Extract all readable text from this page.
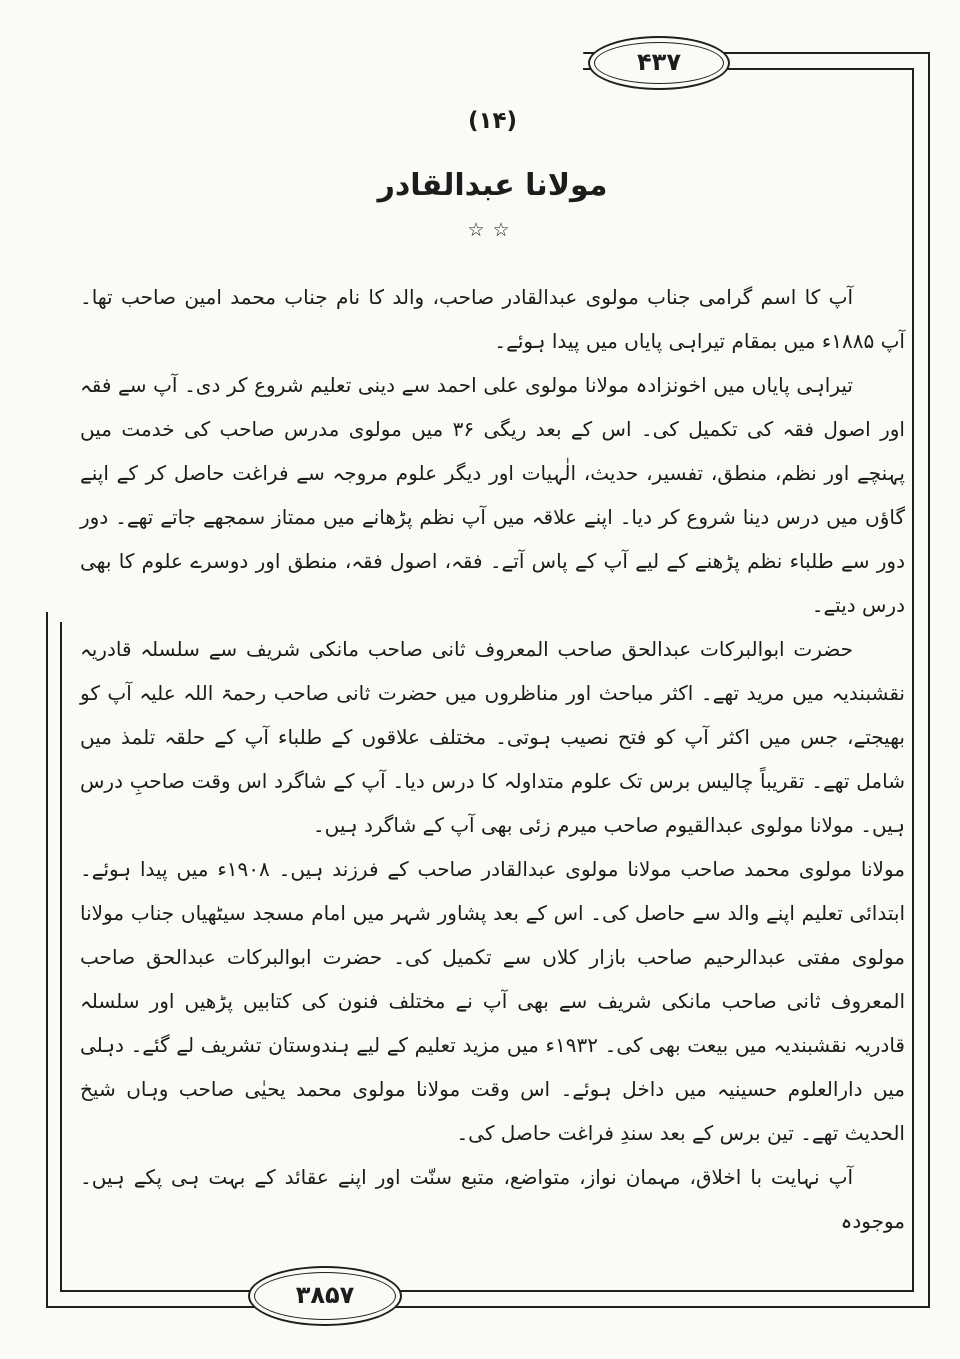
۴۳۷
(۱۴)
مولانا عبدالقادر
☆☆

آپ کا اسم گرامی جناب مولوی عبدالقادر صاحب، والد کا نام جناب محمد امین صاحب تھا۔ آپ ۱۸۸۵ء میں بمقام تیراہی پایاں میں پیدا ہوئے۔

تیراہی پایاں میں اخونزادہ مولانا مولوی علی احمد سے دینی تعلیم شروع کر دی۔ آپ سے فقہ اور اصول فقہ کی تکمیل کی۔ اس کے بعد ریگی ۳۶ میں مولوی مدرس صاحب کی خدمت میں پہنچے اور نظم، منطق، تفسیر، حدیث، الٰہیات اور دیگر علوم مروجہ سے فراغت حاصل کر کے اپنے گاؤں میں درس دینا شروع کر دیا۔ اپنے علاقہ میں آپ نظم پڑھانے میں ممتاز سمجھے جاتے تھے۔ دور دور سے طلباء نظم پڑھنے کے لیے آپ کے پاس آتے۔ فقہ، اصول فقہ، منطق اور دوسرے علوم کا بھی درس دیتے۔

حضرت ابوالبرکات عبدالحق صاحب المعروف ثانی صاحب مانکی شریف سے سلسلہ قادریہ نقشبندیہ میں مرید تھے۔ اکثر مباحث اور مناظروں میں حضرت ثانی صاحب رحمۃ اللہ علیہ آپ کو بھیجتے، جس میں اکثر آپ کو فتح نصیب ہوتی۔ مختلف علاقوں کے طلباء آپ کے حلقہ تلمذ میں شامل تھے۔ تقریباً چالیس برس تک علوم متداولہ کا درس دیا۔ آپ کے شاگرد اس وقت صاحبِ درس ہیں۔ مولانا مولوی عبدالقیوم صاحب میرم زئی بھی آپ کے شاگرد ہیں۔

مولانا مولوی محمد صاحب مولانا مولوی عبدالقادر صاحب کے فرزند ہیں۔ ۱۹۰۸ء میں پیدا ہوئے۔ ابتدائی تعلیم اپنے والد سے حاصل کی۔ اس کے بعد پشاور شہر میں امام مسجد سیٹھیاں جناب مولانا مولوی مفتی عبدالرحیم صاحب بازار کلاں سے تکمیل کی۔ حضرت ابوالبرکات عبدالحق صاحب المعروف ثانی صاحب مانکی شریف سے بھی آپ نے مختلف فنون کی کتابیں پڑھیں اور سلسلہ قادریہ نقشبندیہ میں بیعت بھی کی۔ ۱۹۳۲ء میں مزید تعلیم کے لیے ہندوستان تشریف لے گئے۔ دہلی میں دارالعلوم حسینیہ میں داخل ہوئے۔ اس وقت مولانا مولوی محمد یحیٰی صاحب وہاں شیخ الحدیث تھے۔ تین برس کے بعد سندِ فراغت حاصل کی۔

آپ نہایت با اخلاق، مہمان نواز، متواضع، متبع سنّت اور اپنے عقائد کے بہت ہی پکے ہیں۔ موجودہ

۳۸۵۷
